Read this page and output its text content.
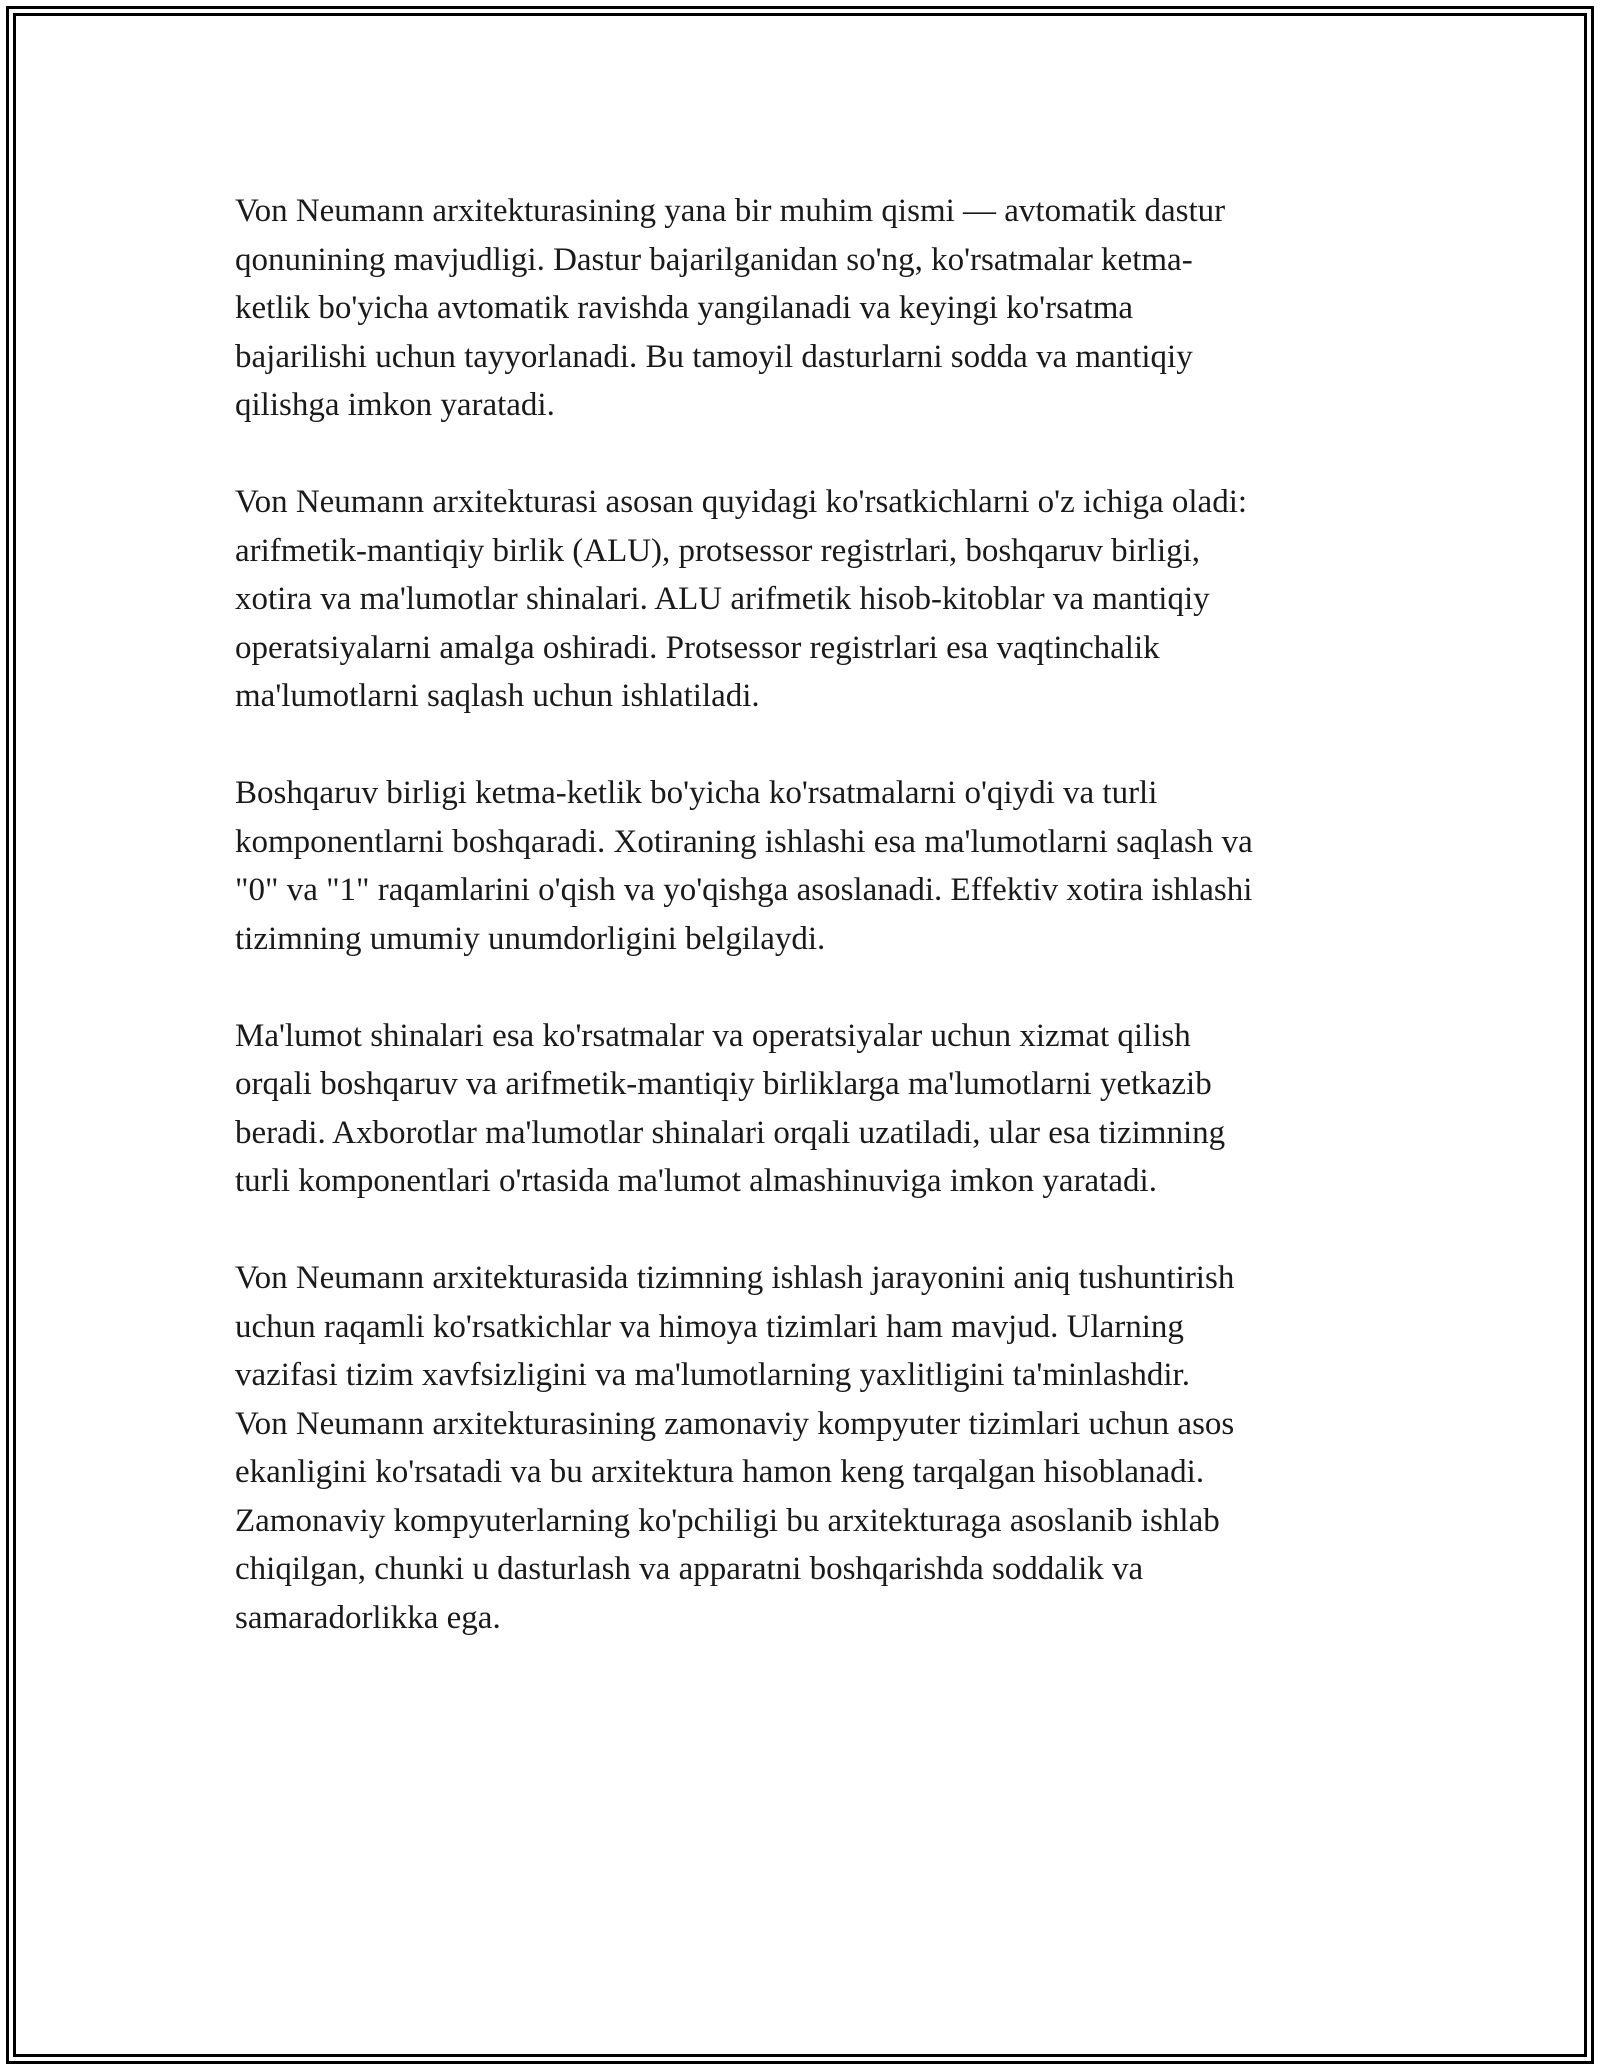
Von Neumann arxitekturasining yana bir muhim qismi — avtomatik dastur
qonunining mavjudligi. Dastur bajarilganidan so'ng, ko'rsatmalar ketma-
ketlik bo'yicha avtomatik ravishda yangilanadi va keyingi ko'rsatma
bajarilishi uchun tayyorlanadi. Bu tamoyil dasturlarni sodda va mantiqiy
qilishga imkon yaratadi.
Von Neumann arxitekturasi asosan quyidagi ko'rsatkichlarni o'z ichiga oladi:
arifmetik-mantiqiy birlik (ALU), protsessor registrlari, boshqaruv birligi,
xotira va ma'lumotlar shinalari. ALU arifmetik hisob-kitoblar va mantiqiy
operatsiyalarni amalga oshiradi. Protsessor registrlari esa vaqtinchalik
ma'lumotlarni saqlash uchun ishlatiladi.
Boshqaruv birligi ketma-ketlik bo'yicha ko'rsatmalarni o'qiydi va turli
komponentlarni boshqaradi. Xotiraning ishlashi esa ma'lumotlarni saqlash va
"0" va "1" raqamlarini o'qish va yo'qishga asoslanadi. Effektiv xotira ishlashi
tizimning umumiy unumdorligini belgilaydi.
Ma'lumot shinalari esa ko'rsatmalar va operatsiyalar uchun xizmat qilish
orqali boshqaruv va arifmetik-mantiqiy birliklarga ma'lumotlarni yetkazib
beradi. Axborotlar ma'lumotlar shinalari orqali uzatiladi, ular esa tizimning
turli komponentlari o'rtasida ma'lumot almashinuviga imkon yaratadi.
Von Neumann arxitekturasida tizimning ishlash jarayonini aniq tushuntirish
uchun raqamli ko'rsatkichlar va himoya tizimlari ham mavjud. Ularning
vazifasi tizim xavfsizligini va ma'lumotlarning yaxlitligini ta'minlashdir.
Von Neumann arxitekturasining zamonaviy kompyuter tizimlari uchun asos
ekanligini ko'rsatadi va bu arxitektura hamon keng tarqalgan hisoblanadi.
Zamonaviy kompyuterlarning ko'pchiligi bu arxitekturaga asoslanib ishlab
chiqilgan, chunki u dasturlash va apparatni boshqarishda soddalik va
samaradorlikka ega.
